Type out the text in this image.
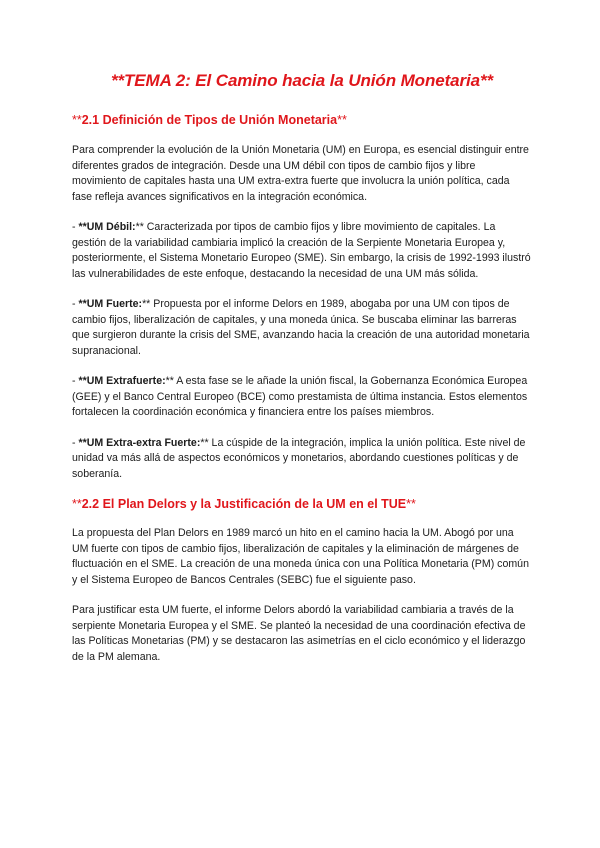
**TEMA 2: El Camino hacia la Unión Monetaria**
**2.1 Definición de Tipos de Unión Monetaria**

Para comprender la evolución de la Unión Monetaria (UM) en Europa, es esencial distinguir entre diferentes grados de integración. Desde una UM débil con tipos de cambio fijos y libre movimiento de capitales hasta una UM extra-extra fuerte que involucra la unión política, cada fase refleja avances significativos en la integración económica.

- **UM Débil:** Caracterizada por tipos de cambio fijos y libre movimiento de capitales. La gestión de la variabilidad cambiaria implicó la creación de la Serpiente Monetaria Europea y, posteriormente, el Sistema Monetario Europeo (SME). Sin embargo, la crisis de 1992-1993 ilustró las vulnerabilidades de este enfoque, destacando la necesidad de una UM más sólida.

- **UM Fuerte:** Propuesta por el informe Delors en 1989, abogaba por una UM con tipos de cambio fijos, liberalización de capitales, y una moneda única. Se buscaba eliminar las barreras que surgieron durante la crisis del SME, avanzando hacia la creación de una autoridad monetaria supranacional.

- **UM Extrafuerte:** A esta fase se le añade la unión fiscal, la Gobernanza Económica Europea (GEE) y el Banco Central Europeo (BCE) como prestamista de última instancia. Estos elementos fortalecen la coordinación económica y financiera entre los países miembros.

- **UM Extra-extra Fuerte:** La cúspide de la integración, implica la unión política. Este nivel de unidad va más allá de aspectos económicos y monetarios, abordando cuestiones políticas y de soberanía.

**2.2 El Plan Delors y la Justificación de la UM en el TUE**

La propuesta del Plan Delors en 1989 marcó un hito en el camino hacia la UM. Abogó por una UM fuerte con tipos de cambio fijos, liberalización de capitales y la eliminación de márgenes de fluctuación en el SME. La creación de una moneda única con una Política Monetaria (PM) común y el Sistema Europeo de Bancos Centrales (SEBC) fue el siguiente paso.

Para justificar esta UM fuerte, el informe Delors abordó la variabilidad cambiaria a través de la serpiente Monetaria Europea y el SME. Se planteó la necesidad de una coordinación efectiva de las Políticas Monetarias (PM) y se destacaron las asimetrías en el ciclo económico y el liderazgo de la PM alemana.
